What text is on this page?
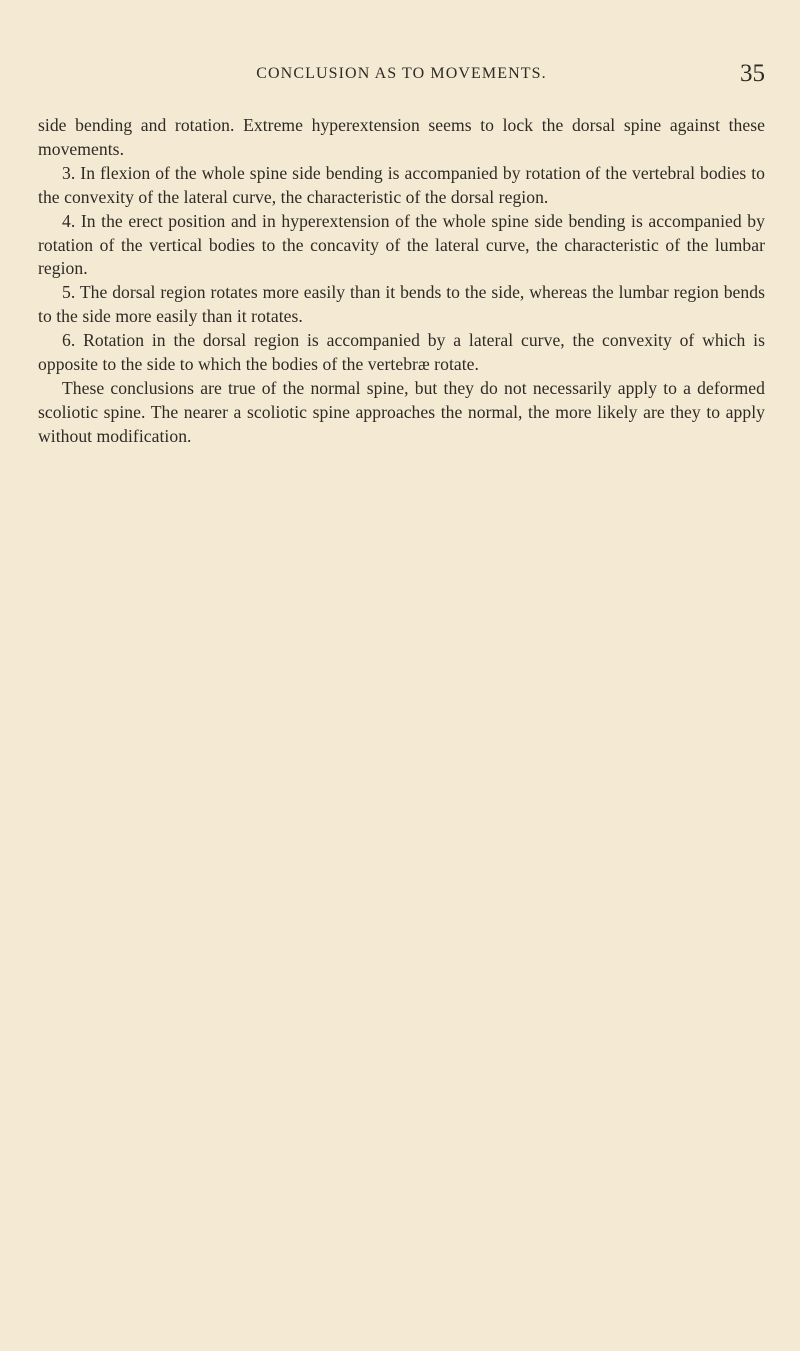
CONCLUSION AS TO MOVEMENTS.	35

side bending and rotation. Extreme hyperextension seems to lock the dorsal spine against these movements.

3. In flexion of the whole spine side bending is accompanied by rotation of the vertebral bodies to the convexity of the lateral curve, the characteristic of the dorsal region.

4. In the erect position and in hyperextension of the whole spine side bending is accompanied by rotation of the vertical bodies to the concavity of the lateral curve, the characteristic of the lumbar region.

5. The dorsal region rotates more easily than it bends to the side, whereas the lumbar region bends to the side more easily than it rotates.

6. Rotation in the dorsal region is accompanied by a lateral curve, the convexity of which is opposite to the side to which the bodies of the vertebræ rotate.

These conclusions are true of the normal spine, but they do not necessarily apply to a deformed scoliotic spine. The nearer a scoliotic spine approaches the normal, the more likely are they to apply without modification.
